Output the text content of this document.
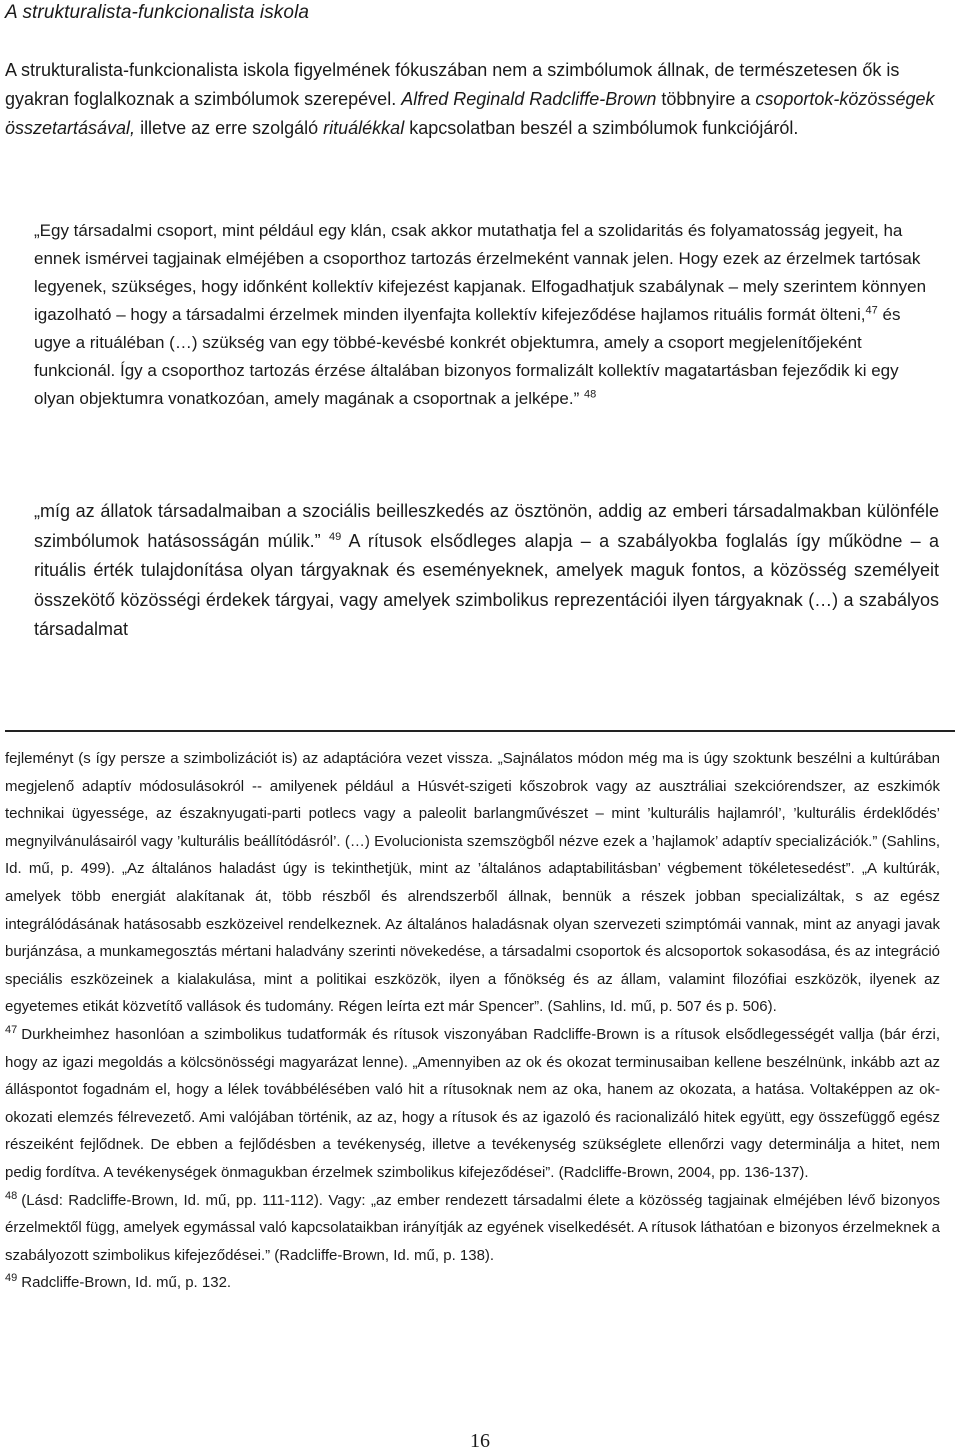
A strukturalista-funkcionalista iskola

A strukturalista-funkcionalista iskola figyelmének fókuszában nem a szimbólumok állnak, de természetesen ők is gyakran foglalkoznak a szimbólumok szerepével. Alfred Reginald Radcliffe-Brown többnyire a csoportok-közösségek összetartásával, illetve az erre szolgáló rituálékkal kapcsolatban beszél a szimbólumok funkciójáról.

„Egy társadalmi csoport, mint például egy klán, csak akkor mutathatja fel a szolidaritás és folyamatosság jegyeit, ha ennek ismérvei tagjainak elméjében a csoporthoz tartozás érzelmeként vannak jelen. Hogy ezek az érzelmek tartósak legyenek, szükséges, hogy időnként kollektív kifejezést kapjanak. Elfogadhatjuk szabálynak – mely szerintem könnyen igazolható – hogy a társadalmi érzelmek minden ilyenfajta kollektív kifejeződése hajlamos rituális formát ölteni,$^{47}$ és ugye a rituáléban (…) szükség van egy többé-kevésbé konkrét objektumra, amely a csoport megjelenítőjeként funkcionál. Így a csoporthoz tartozás érzése általában bizonyos formalizált kollektív magatartásban fejeződik ki egy olyan objektumra vonatkozóan, amely magának a csoportnak a jelképe.” $^{48}$

„míg az állatok társadalmaiban a szociális beilleszkedés az ösztönön, addig az emberi társadalmakban különféle szimbólumok hatásosságán múlik.” $^{49}$ A rítusok elsődleges alapja – a szabályokba foglalás így működne – a rituális érték tulajdonítása olyan tárgyaknak és eseményeknek, amelyek maguk fontos, a közösség személyeit összekötő közösségi érdekek tárgyai, vagy amelyek szimbolikus reprezentációi ilyen tárgyaknak (…) a szabályos társadalmat

fejleményt (s így persze a szimbolizációt is) az adaptációra vezet vissza. „Sajnálatos módon még ma is úgy szoktunk beszélni a kultúrában megjelenő adaptív módosulásokról -- amilyenek például a Húsvét-szigeti kőszobrok vagy az ausztráliai szekciórendszer, az eszkimók technikai ügyessége, az északnyugati-parti potlecs vagy a paleolit barlangművészet – mint ’kulturális hajlamról’, ’kulturális érdeklődés’ megnyilvánulásairól vagy ’kulturális beállítódásról’. (…) Evolucionista szemszögből nézve ezek a ’hajlamok’ adaptív specializációk.” (Sahlins, Id. mű, p. 499). „Az általános haladást úgy is tekinthetjük, mint az ’általános adaptabilitásban’ végbement tökéletesedést”. „A kultúrák, amelyek több energiát alakítanak át, több részből és alrendszerből állnak, bennük a részek jobban specializáltak, s az egész integrálódásának hatásosabb eszközeivel rendelkeznek. Az általános haladásnak olyan szervezeti szimptómái vannak, mint az anyagi javak burjánzása, a munkamegosztás mértani haladvány szerinti növekedése, a társadalmi csoportok és alcsoportok sokasodása, és az integráció speciális eszközeinek a kialakulása, mint a politikai eszközök, ilyen a főnökség és az állam, valamint filozófiai eszközök, ilyenek az egyetemes etikát közvetítő vallások és tudomány. Régen leírta ezt már Spencer”. (Sahlins, Id. mű, p. 507 és p. 506).

$^{47}$ Durkheimhez hasonlóan a szimbolikus tudatformák és rítusok viszonyában Radcliffe-Brown is a rítusok elsődlegességét vallja (bár érzi, hogy az igazi megoldás a kölcsönösségi magyarázat lenne). „Amennyiben az ok és okozat terminusaiban kellene beszélnünk, inkább azt az álláspontot fogadnám el, hogy a lélek továbbélésében való hit a rítusoknak nem az oka, hanem az okozata, a hatása. Voltaképpen az ok-okozati elemzés félrevezető. Ami valójában történik, az az, hogy a rítusok és az igazoló és racionalizáló hitek együtt, egy összefüggő egész részeiként fejlődnek. De ebben a fejlődésben a tevékenység, illetve a tevékenység szükséglete ellenőrzi vagy determinálja a hitet, nem pedig fordítva. A tevékenységek önmagukban érzelmek szimbolikus kifejeződései”. (Radcliffe-Brown, 2004, pp. 136-137).

$^{48}$ (Lásd: Radcliffe-Brown, Id. mű, pp. 111-112). Vagy: „az ember rendezett társadalmi élete a közösség tagjainak elméjében lévő bizonyos érzelmektől függ, amelyek egymással való kapcsolataikban irányítják az egyének viselkedését. A rítusok láthatóan e bizonyos érzelmeknek a szabályozott szimbolikus kifejeződései.” (Radcliffe-Brown, Id. mű, p. 138).

$^{49}$ Radcliffe-Brown, Id. mű, p. 132.

16
